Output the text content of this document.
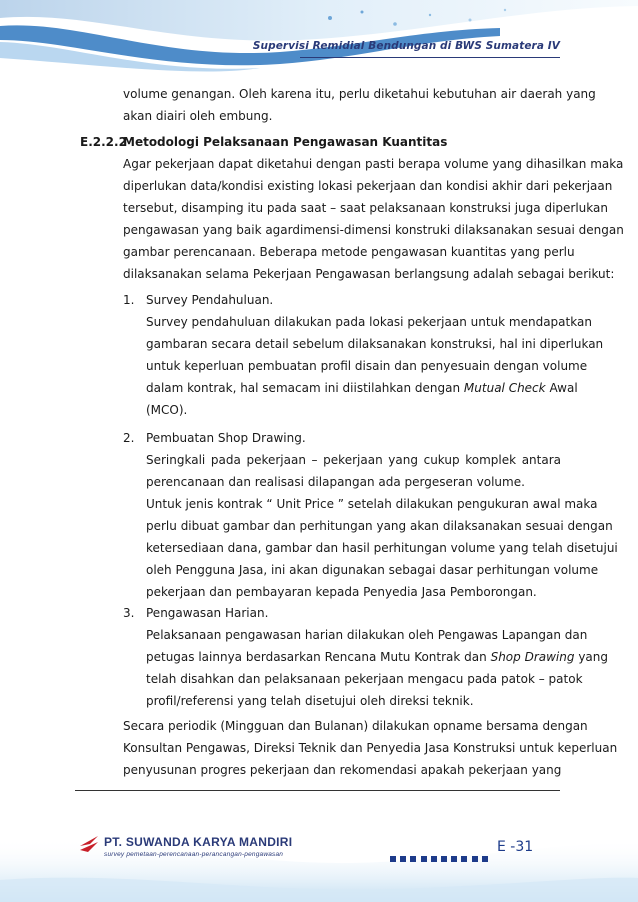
Supervisi Remidial Bendungan di BWS Sumatera IV
volume genangan. Oleh karena itu, perlu diketahui kebutuhan air daerah yang
akan diairi oleh embung.
E.2.2.2Metodologi Pelaksanaan Pengawasan Kuantitas
Agar pekerjaan dapat diketahui dengan pasti berapa volume yang dihasilkan maka
diperlukan data/kondisi existing lokasi pekerjaan dan kondisi akhir dari pekerjaan
tersebut, disamping itu pada saat – saat pelaksanaan konstruksi juga diperlukan
pengawasan yang baik agardimensi-dimensi konstruki dilaksanakan sesuai dengan
gambar perencanaan. Beberapa metode pengawasan kuantitas yang perlu
dilaksanakan selama Pekerjaan Pengawasan berlangsung adalah sebagai berikut:
1. Survey Pendahuluan.
Survey pendahuluan dilakukan pada lokasi pekerjaan untuk mendapatkan
gambaran secara detail sebelum dilaksanakan konstruksi, hal ini diperlukan
untuk keperluan pembuatan profil disain dan penyesuain dengan volume
dalam kontrak, hal semacam ini diistilahkan dengan Mutual Check Awal
(MCO).
2. Pembuatan Shop Drawing.
Seringkali pada pekerjaan – pekerjaan yang cukup komplek antara
perencanaan dan realisasi dilapangan ada pergeseran volume.
Untuk jenis kontrak “ Unit Price ” setelah dilakukan pengukuran awal maka
perlu dibuat gambar dan perhitungan yang akan dilaksanakan sesuai dengan
ketersediaan dana, gambar dan hasil perhitungan volume yang telah disetujui
oleh Pengguna Jasa, ini akan digunakan sebagai dasar perhitungan volume
pekerjaan dan pembayaran kepada Penyedia Jasa Pemborongan.
3. Pengawasan Harian.
Pelaksanaan pengawasan harian dilakukan oleh Pengawas Lapangan dan
petugas lainnya berdasarkan Rencana Mutu Kontrak dan Shop Drawing yang
telah disahkan dan pelaksanaan pekerjaan mengacu pada patok – patok
profil/referensi yang telah disetujui oleh direksi teknik.
Secara periodik (Mingguan dan Bulanan) dilakukan opname bersama dengan
Konsultan Pengawas, Direksi Teknik dan Penyedia Jasa Konstruksi untuk keperluan
penyusunan progres pekerjaan dan rekomendasi apakah pekerjaan yang
PT. SUWANDA KARYA MANDIRI
survey pemetaan-perencanaan-perancangan-pengawasan	E -31
